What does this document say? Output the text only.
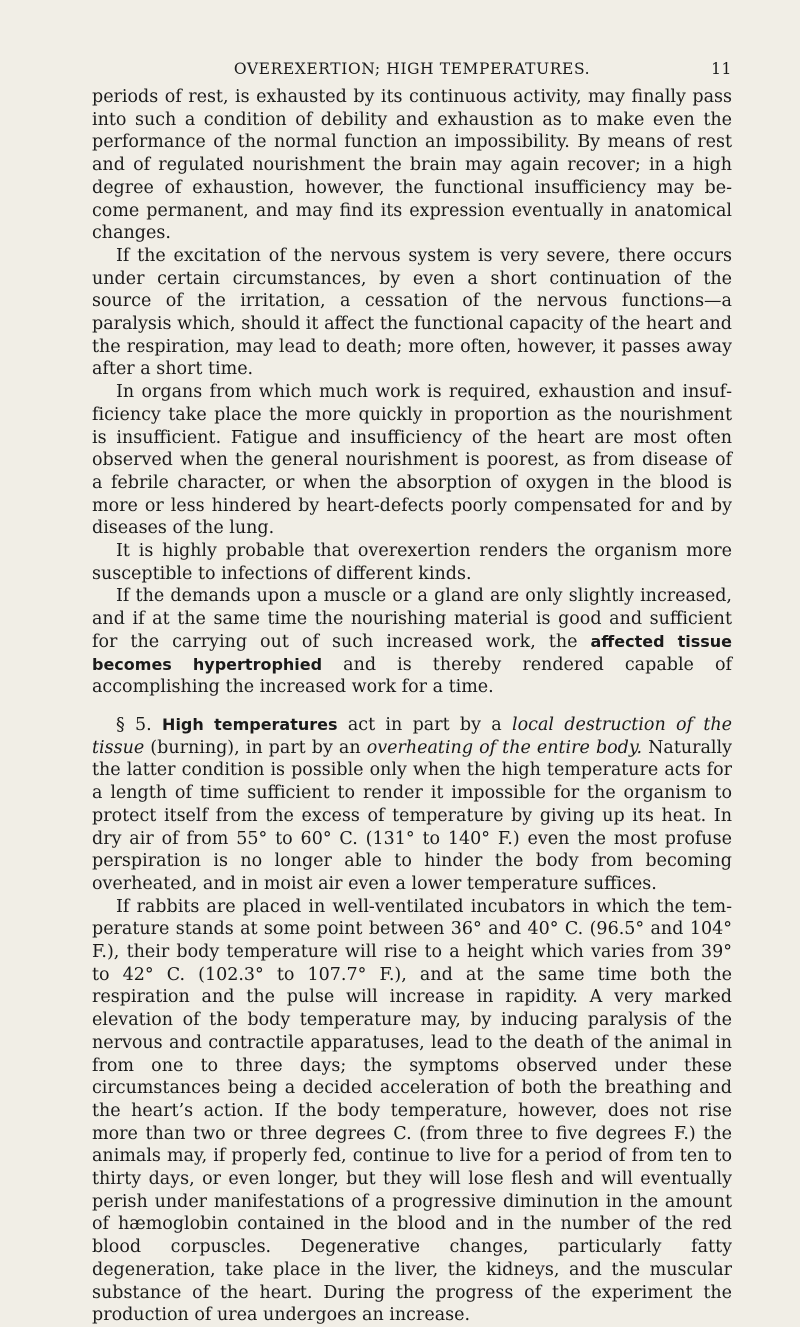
OVEREXERTION; HIGH TEMPERATURES.	11

periods of rest, is exhausted by its continuous activity, may finally pass into such a condition of debility and exhaustion as to make even the performance of the normal function an impossibility. By means of rest and of regulated nourishment the brain may again recover; in a high degree of exhaustion, however, the functional insufficiency may become permanent, and may find its expression eventually in anatomical changes.

If the excitation of the nervous system is very severe, there occurs under certain circumstances, by even a short continuation of the source of the irritation, a cessation of the nervous functions—a paralysis which, should it affect the functional capacity of the heart and the respiration, may lead to death; more often, however, it passes away after a short time.

In organs from which much work is required, exhaustion and insufficiency take place the more quickly in proportion as the nourishment is insufficient. Fatigue and insufficiency of the heart are most often observed when the general nourishment is poorest, as from disease of a febrile character, or when the absorption of oxygen in the blood is more or less hindered by heart-defects poorly compensated for and by diseases of the lung.

It is highly probable that overexertion renders the organism more susceptible to infections of different kinds.

If the demands upon a muscle or a gland are only slightly increased, and if at the same time the nourishing material is good and sufficient for the carrying out of such increased work, the affected tissue becomes hypertrophied and is thereby rendered capable of accomplishing the increased work for a time.

§ 5. High temperatures act in part by a local destruction of the tissue (burning), in part by an overheating of the entire body. Naturally the latter condition is possible only when the high temperature acts for a length of time sufficient to render it impossible for the organism to protect itself from the excess of temperature by giving up its heat. In dry air of from 55° to 60° C. (131° to 140° F.) even the most profuse perspiration is no longer able to hinder the body from becoming overheated, and in moist air even a lower temperature suffices.

If rabbits are placed in well-ventilated incubators in which the temperature stands at some point between 36° and 40° C. (96.5° and 104° F.), their body temperature will rise to a height which varies from 39° to 42° C. (102.3° to 107.7° F.), and at the same time both the respiration and the pulse will increase in rapidity. A very marked elevation of the body temperature may, by inducing paralysis of the nervous and contractile apparatuses, lead to the death of the animal in from one to three days; the symptoms observed under these circumstances being a decided acceleration of both the breathing and the heart’s action. If the body temperature, however, does not rise more than two or three degrees C. (from three to five degrees F.) the animals may, if properly fed, continue to live for a period of from ten to thirty days, or even longer, but they will lose flesh and will eventually perish under manifestations of a progressive diminution in the amount of hæmoglobin contained in the blood and in the number of the red blood corpuscles. Degenerative changes, particularly fatty degeneration, take place in the liver, the kidneys, and the muscular substance of the heart. During the progress of the experiment the production of urea undergoes an increase.
